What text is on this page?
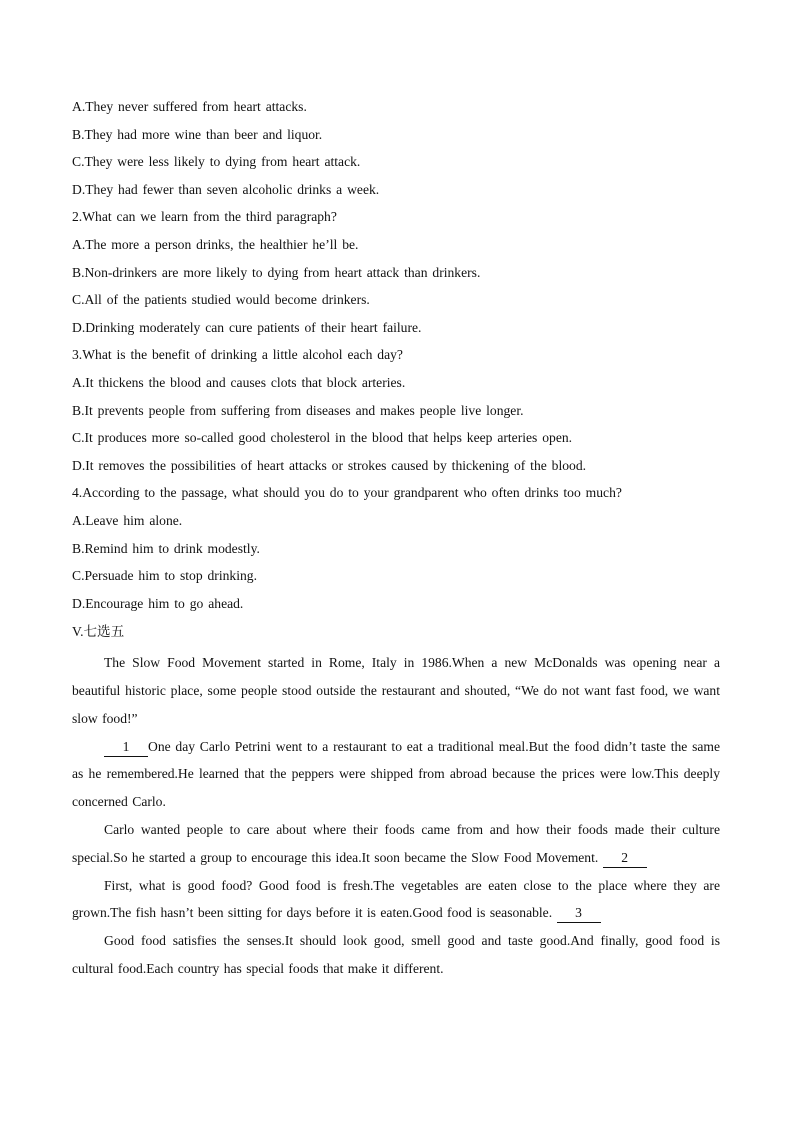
A.They never suffered from heart attacks.
B.They had more wine than beer and liquor.
C.They were less likely to dying from heart attack.
D.They had fewer than seven alcoholic drinks a week.
2.What can we learn from the third paragraph?
A.The more a person drinks, the healthier he’ll be.
B.Non-drinkers are more likely to dying from heart attack than drinkers.
C.All of the patients studied would become drinkers.
D.Drinking moderately can cure patients of their heart failure.
3.What is the benefit of drinking a little alcohol each day?
A.It thickens the blood and causes clots that block arteries.
B.It prevents people from suffering from diseases and makes people live longer.
C.It produces more so-called good cholesterol in the blood that helps keep arteries open.
D.It removes the possibilities of heart attacks or strokes caused by thickening of the blood.
4.According to the passage, what should you do to your grandparent who often drinks too much?
A.Leave him alone.
B.Remind him to drink modestly.
C.Persuade him to stop drinking.
D.Encourage him to go ahead.
V.七选五

The Slow Food Movement started in Rome, Italy in 1986.When a new McDonalds was opening near a beautiful historic place, some people stood outside the restaurant and shouted, “We do not want fast food, we want slow food!”

1 One day Carlo Petrini went to a restaurant to eat a traditional meal.But the food didn’t taste the same as he remembered.He learned that the peppers were shipped from abroad because the prices were low.This deeply concerned Carlo.

Carlo wanted people to care about where their foods came from and how their foods made their culture special.So he started a group to encourage this idea.It soon became the Slow Food Movement. 2

First, what is good food? Good food is fresh.The vegetables are eaten close to the place where they are grown.The fish hasn’t been sitting for days before it is eaten.Good food is seasonable. 3

Good food satisfies the senses.It should look good, smell good and taste good.And finally, good food is cultural food.Each country has special foods that make it different.
